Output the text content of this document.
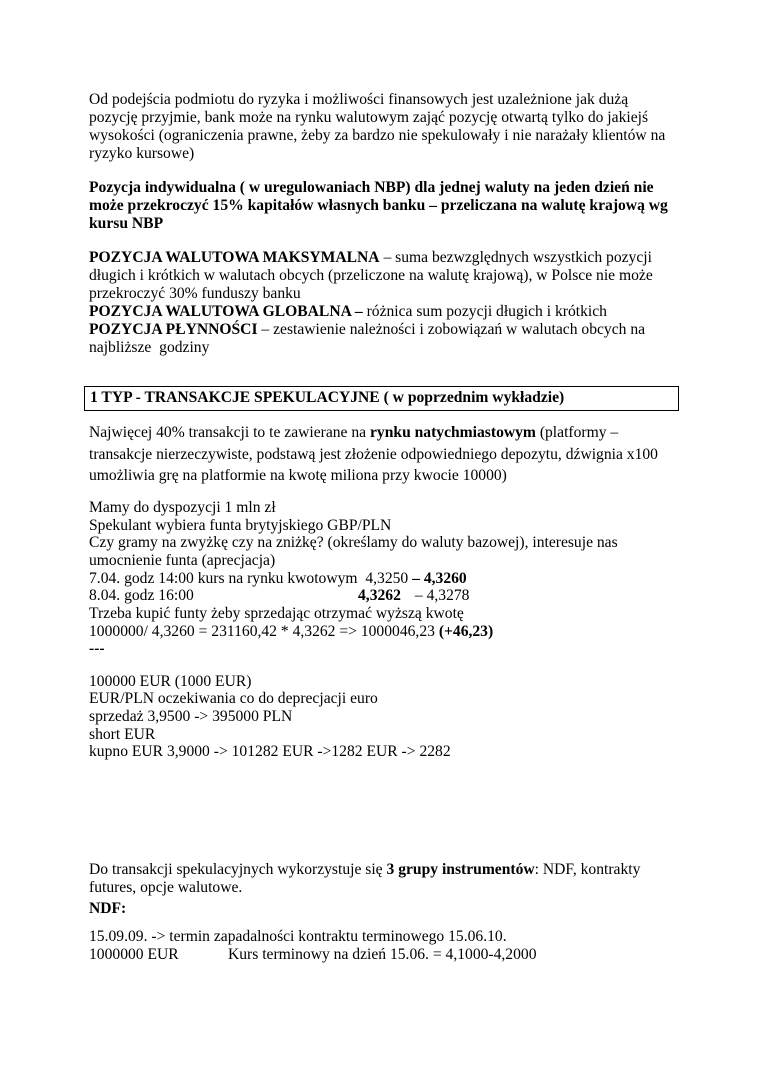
Od podejścia podmiotu do ryzyka i możliwości finansowych jest uzależnione jak dużą
pozycję przyjmie, bank może na rynku walutowym zająć pozycję otwartą tylko do jakiejś
wysokości (ograniczenia prawne, żeby za bardzo nie spekulowały i nie narażały klientów na
ryzyko kursowe)
Pozycja indywidualna ( w uregulowaniach NBP) dla jednej waluty na jeden dzień nie
może przekroczyć 15% kapitałów własnych banku – przeliczana na walutę krajową wg
kursu NBP
POZYCJA WALUTOWA MAKSYMALNA – suma bezwzględnych wszystkich pozycji
długich i krótkich w walutach obcych (przeliczone na walutę krajową), w Polsce nie może
przekroczyć 30% funduszy banku
POZYCJA WALUTOWA GLOBALNA – różnica sum pozycji długich i krótkich
POZYCJA PŁYNNOŚCI – zestawienie należności i zobowiązań w walutach obcych na
najbliższe  godziny
1 TYP - TRANSAKCJE SPEKULACYJNE ( w poprzednim wykładzie)
Najwięcej 40% transakcji to te zawierane na rynku natychmiastowym (platformy –
transakcje nierzeczywiste, podstawą jest złożenie odpowiedniego depozytu, dźwignia x100
umożliwia grę na platformie na kwotę miliona przy kwocie 10000)
Mamy do dyspozycji 1 mln zł
Spekulant wybiera funta brytyjskiego GBP/PLN
Czy gramy na zwyżkę czy na zniżkę? (określamy do waluty bazowej), interesuje nas
umocnienie funta (aprecjacja)
7.04. godz 14:00 kurs na rynku kwotowym  4,3250 – 4,3260
8.04. godz 16:00	4,3262 – 4,3278
Trzeba kupić funty żeby sprzedając otrzymać wyższą kwotę
1000000/ 4,3260 = 231160,42 * 4,3262 => 1000046,23 (+46,23)
---
100000 EUR (1000 EUR)
EUR/PLN oczekiwania co do deprecjacji euro
sprzedaż 3,9500 -> 395000 PLN
short EUR
kupno EUR 3,9000 -> 101282 EUR ->1282 EUR -> 2282
Do transakcji spekulacyjnych wykorzystuje się 3 grupy instrumentów: NDF, kontrakty
futures, opcje walutowe.
NDF:
15.09.09. -> termin zapadalności kontraktu terminowego 15.06.10.
1000000 EUR	Kurs terminowy na dzień 15.06. = 4,1000-4,2000
